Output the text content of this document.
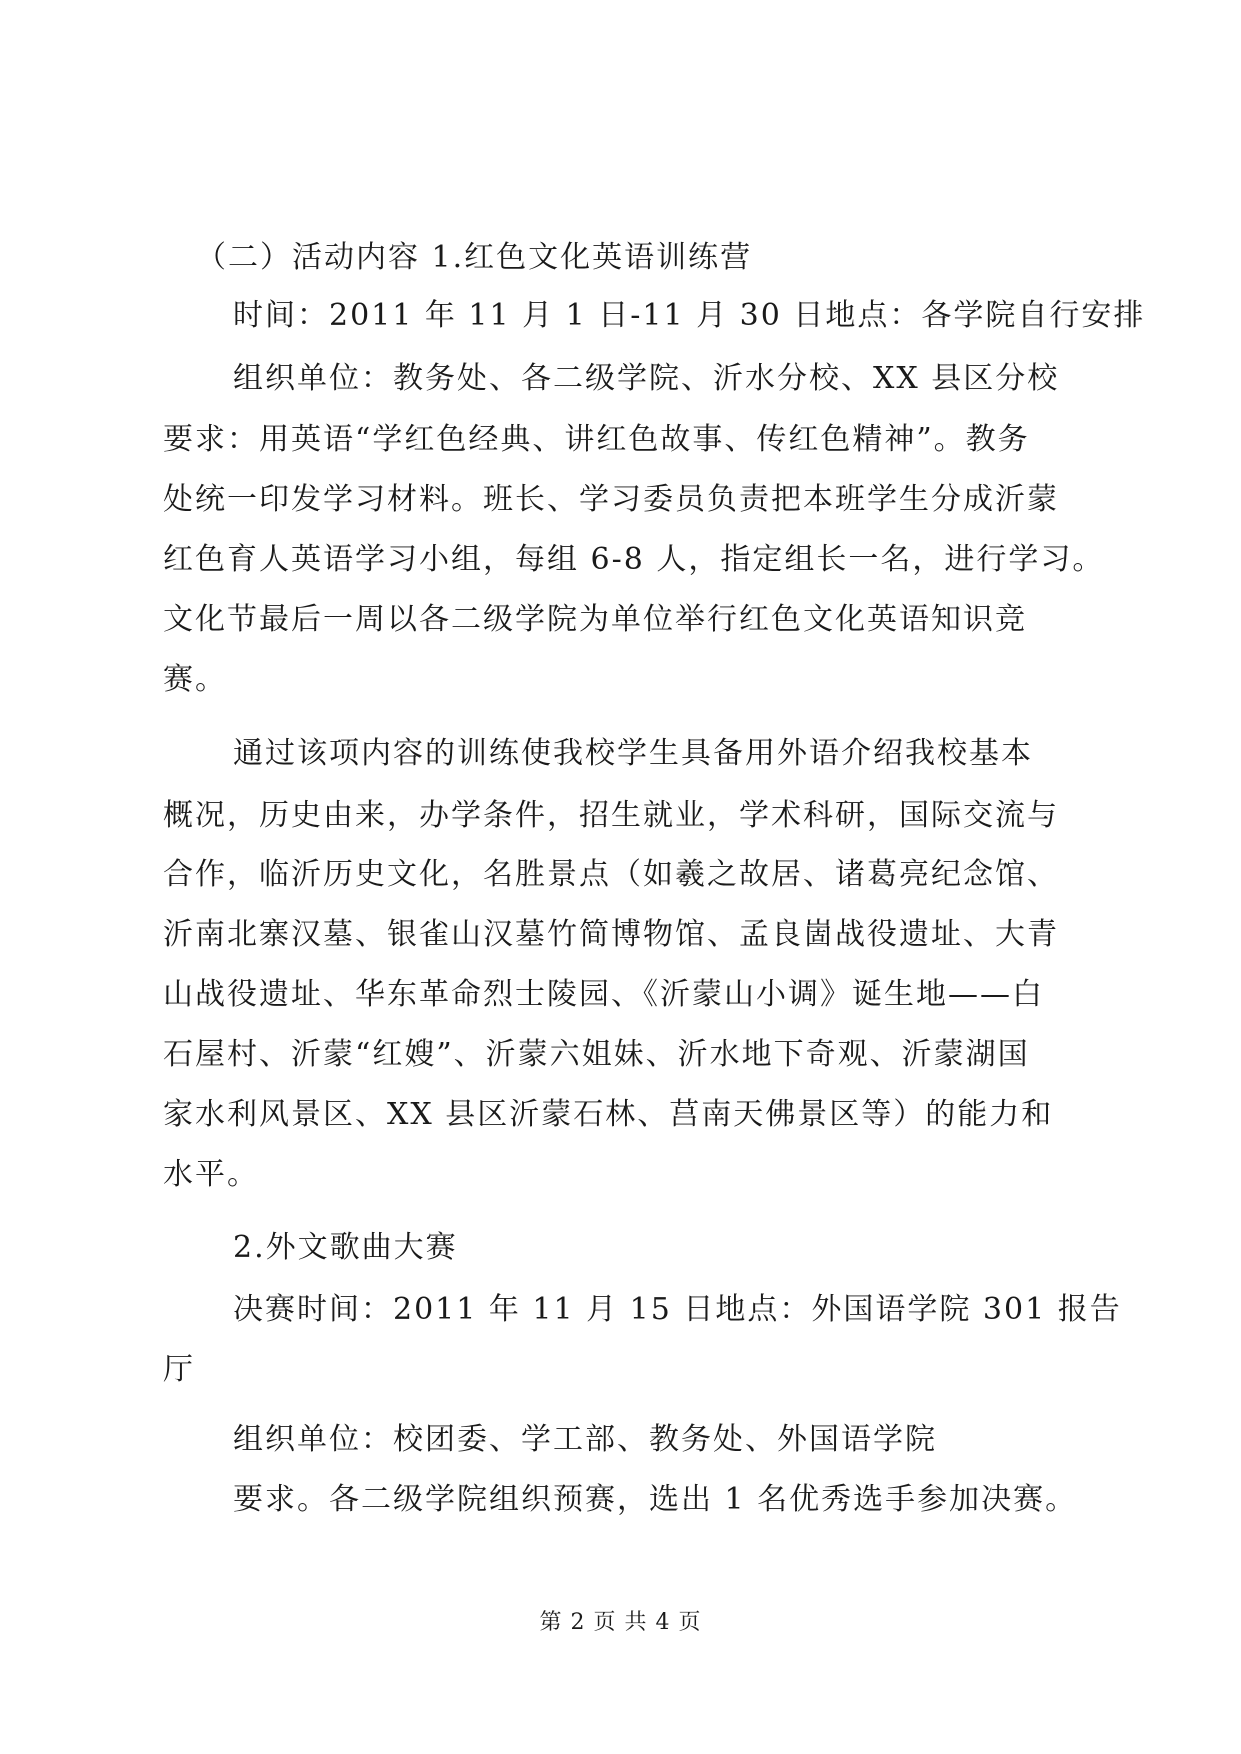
（二）活动内容 1.红色文化英语训练营
时间：2011 年 11 月 1 日-11 月 30 日地点：各学院自行安排
组织单位：教务处、各二级学院、沂水分校、XX 县区分校
要求：用英语“学红色经典、讲红色故事、传红色精神”。教务
处统一印发学习材料。班长、学习委员负责把本班学生分成沂蒙
红色育人英语学习小组，每组 6-8 人，指定组长一名，进行学习。
文化节最后一周以各二级学院为单位举行红色文化英语知识竞
赛。
通过该项内容的训练使我校学生具备用外语介绍我校基本
概况，历史由来，办学条件，招生就业，学术科研，国际交流与
合作，临沂历史文化，名胜景点（如羲之故居、诸葛亮纪念馆、
沂南北寨汉墓、银雀山汉墓竹简博物馆、孟良崮战役遗址、大青
山战役遗址、华东革命烈士陵园、《沂蒙山小调》诞生地——白
石屋村、沂蒙“红嫂”、沂蒙六姐妹、沂水地下奇观、沂蒙湖国
家水利风景区、XX 县区沂蒙石林、莒南天佛景区等）的能力和
水平。
2.外文歌曲大赛
决赛时间：2011 年 11 月 15 日地点：外国语学院 301 报告
厅
组织单位：校团委、学工部、教务处、外国语学院
要求。各二级学院组织预赛，选出 1 名优秀选手参加决赛。
第 2 页 共 4 页
